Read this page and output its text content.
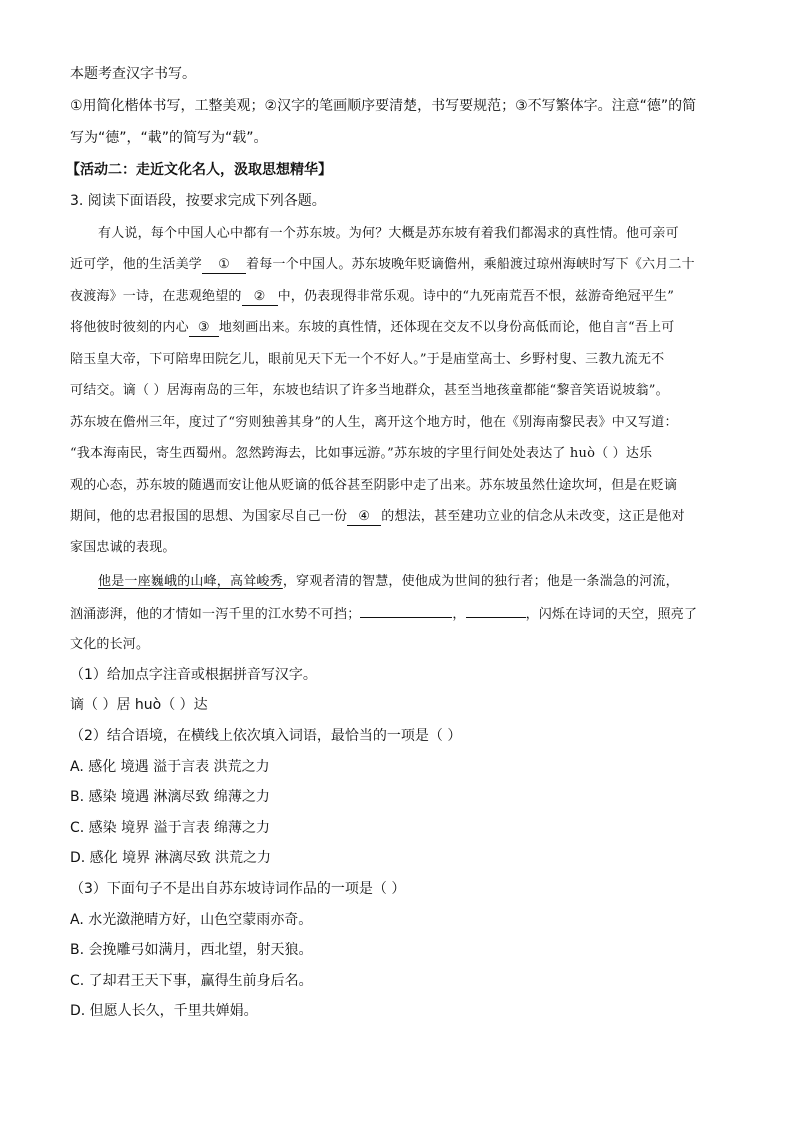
本题考查汉字书写。
①用简化楷体书写，工整美观；②汉字的笔画顺序要清楚，书写要规范；③不写繁体字。注意“德”的简
写为“德”，“載”的简写为“载”。
【活动二：走近文化名人，汲取思想精华】
3. 阅读下面语段，按要求完成下列各题。
有人说，每个中国人心中都有一个苏东坡。为何？大概是苏东坡有着我们都渴求的真性情。他可亲可
近可学，他的生活美学 ① 着每一个中国人。苏东坡晚年贬谪儋州，乘船渡过琼州海峡时写下《六月二十
夜渡海》一诗，在悲观绝望的 ② 中，仍表现得非常乐观。诗中的“九死南荒吾不恨，兹游奇绝冠平生”
将他彼时彼刻的内心 ③ 地刻画出来。东坡的真性情，还体现在交友不以身份高低而论，他自言“吾上可
陪玉皇大帝，下可陪卑田院乞儿，眼前见天下无一个不好人。”于是庙堂高士、乡野村叟、三教九流无不
可结交。谪（ ）居海南岛的三年，东坡也结识了许多当地群众，甚至当地孩童都能“黎音笑语说坡翁”。
苏东坡在儋州三年，度过了“穷则独善其身”的人生，离开这个地方时，他在《别海南黎民表》中又写道：
“我本海南民，寄生西蜀州。忽然跨海去，比如事远游。”苏东坡的字里行间处处表达了 huò（ ）达乐
观的心态，苏东坡的随遇而安让他从贬谪的低谷甚至阴影中走了出来。苏东坡虽然仕途坎坷，但是在贬谪
期间，他的忠君报国的思想、为国家尽自己一份 ④ 的想法，甚至建功立业的信念从未改变，这正是他对
家国忠诚的表现。
他是一座巍峨的山峰，高耸峻秀，穿观者清的智慧，使他成为世间的独行者；他是一条湍急的河流，
汹涌澎湃，他的才情如一泻千里的江水势不可挡；	，	，闪烁在诗词的天空，照亮了
文化的长河。
（1）给加点字注音或根据拼音写汉字。
谪（ ）居 huò（ ）达
（2）结合语境，在横线上依次填入词语，最恰当的一项是（ ）
A. 感化 境遇 溢于言表 洪荒之力
B. 感染 境遇 淋漓尽致 绵薄之力
C. 感染 境界 溢于言表 绵薄之力
D. 感化 境界 淋漓尽致 洪荒之力
（3）下面句子不是出自苏东坡诗词作品的一项是（ ）
A. 水光潋滟晴方好，山色空蒙雨亦奇。
B. 会挽雕弓如满月，西北望，射天狼。
C. 了却君王天下事，赢得生前身后名。
D. 但愿人长久，千里共婵娟。
